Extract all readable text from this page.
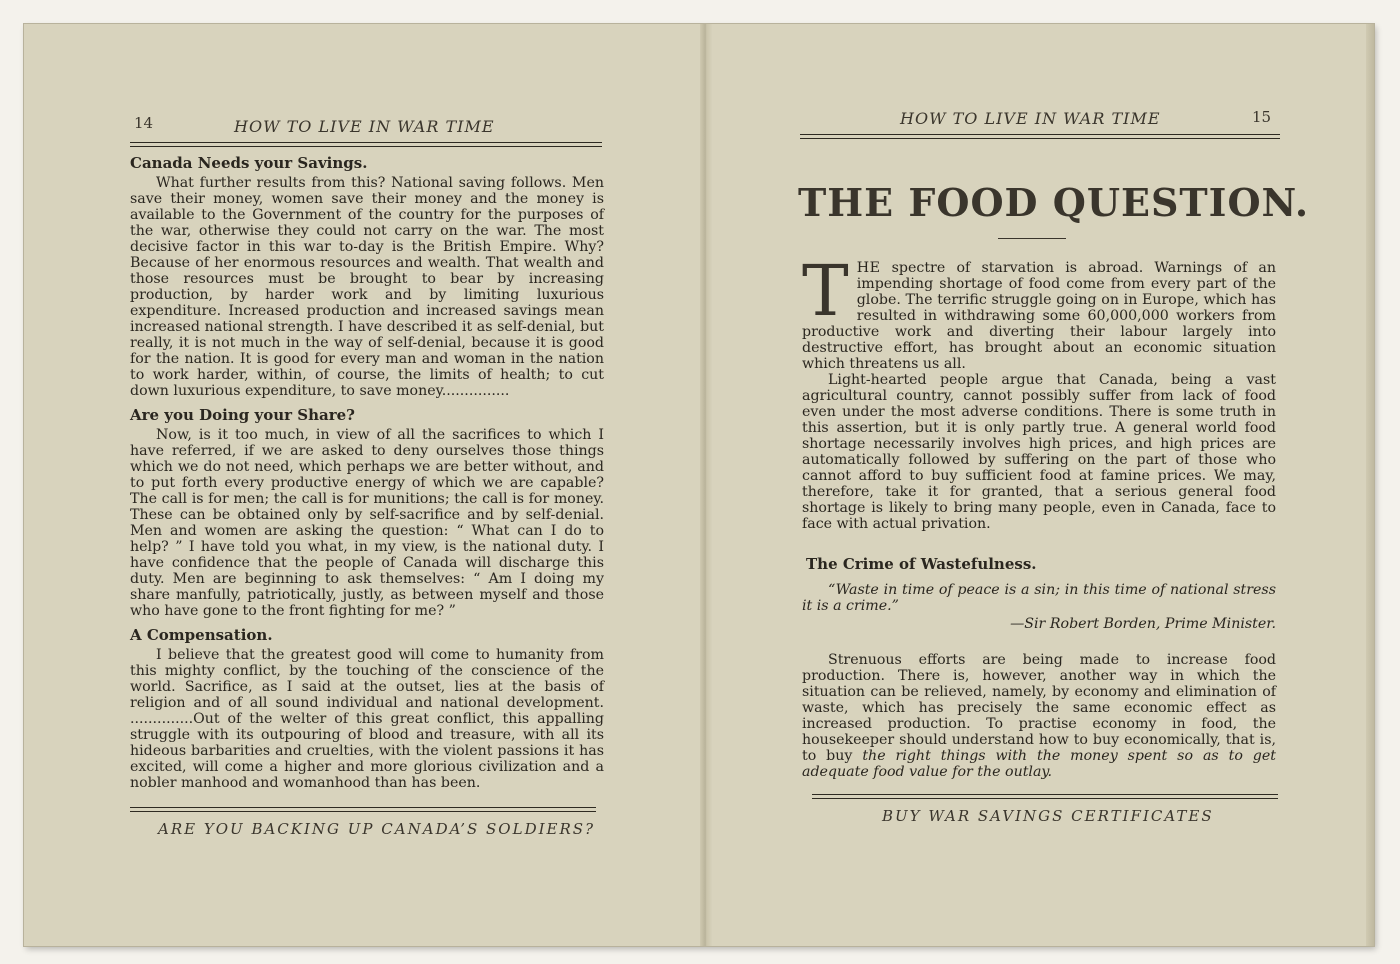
14	HOW TO LIVE IN WAR TIME
Canada Needs your Savings.

What further results from this? National saving follows. Men save their money, women save their money and the money is available to the Government of the country for the purposes of the war, otherwise they could not carry on the war. The most decisive factor in this war to-day is the British Empire. Why? Because of her enormous resources and wealth. That wealth and those resources must be brought to bear by increasing production, by harder work and by limiting luxurious expenditure. Increased production and increased savings mean increased national strength. I have described it as self-denial, but really, it is not much in the way of self-denial, because it is good for the nation. It is good for every man and woman in the nation to work harder, within, of course, the limits of health; to cut down luxurious expenditure, to save money...............

Are you Doing your Share?

Now, is it too much, in view of all the sacrifices to which I have referred, if we are asked to deny ourselves those things which we do not need, which perhaps we are better without, and to put forth every productive energy of which we are capable? The call is for men; the call is for munitions; the call is for money. These can be obtained only by self-sacrifice and by self-denial. Men and women are asking the question: “ What can I do to help? ” I have told you what, in my view, is the national duty. I have confidence that the people of Canada will discharge this duty. Men are beginning to ask themselves: “ Am I doing my share manfully, patriotically, justly, as between myself and those who have gone to the front fighting for me? ”

A Compensation.

I believe that the greatest good will come to humanity from this mighty conflict, by the touching of the conscience of the world. Sacrifice, as I said at the outset, lies at the basis of religion and of all sound individual and national development. ..............Out of the welter of this great conflict, this appalling struggle with its outpouring of blood and treasure, with all its hideous barbarities and cruelties, with the violent passions it has excited, will come a higher and more glorious civilization and a nobler manhood and womanhood than has been.

ARE YOU BACKING UP CANADA’S SOLDIERS?
HOW TO LIVE IN WAR TIME	15
THE FOOD QUESTION.

THE spectre of starvation is abroad. Warnings of an impending shortage of food come from every part of the globe. The terrific struggle going on in Europe, which has resulted in withdrawing some 60,000,000 workers from productive work and diverting their labour largely into destructive effort, has brought about an economic situation which threatens us all.

Light-hearted people argue that Canada, being a vast agricultural country, cannot possibly suffer from lack of food even under the most adverse conditions. There is some truth in this assertion, but it is only partly true. A general world food shortage necessarily involves high prices, and high prices are automatically followed by suffering on the part of those who cannot afford to buy sufficient food at famine prices. We may, therefore, take it for granted, that a serious general food shortage is likely to bring many people, even in Canada, face to face with actual privation.

The Crime of Wastefulness.

“Waste in time of peace is a sin; in this time of national stress it is a crime.”

—Sir Robert Borden, Prime Minister.

Strenuous efforts are being made to increase food production. There is, however, another way in which the situation can be relieved, namely, by economy and elimination of waste, which has precisely the same economic effect as increased production. To practise economy in food, the housekeeper should understand how to buy economically, that is, to buy the right things with the money spent so as to get adequate food value for the outlay.

BUY WAR SAVINGS CERTIFICATES
